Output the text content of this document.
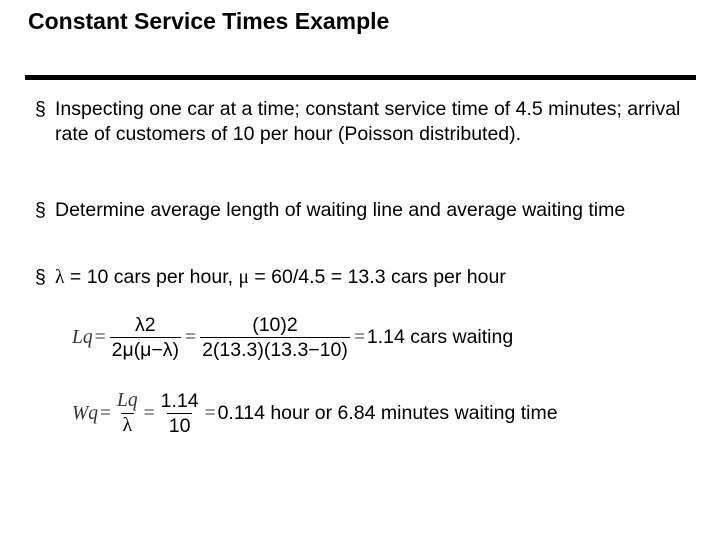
Constant Service Times Example
§ Inspecting one car at a time; constant service time of 4.5 minutes; arrival rate of customers of 10 per hour (Poisson distributed).
§ Determine average length of waiting line and average waiting time
§ λ = 10 cars per hour, μ = 60/4.5 = 13.3 cars per hour
$Lq = \frac{\lambda 2}{2\mu(\mu-\lambda)} = \frac{(10)2}{2(13.3)(13.3-10)} = 1.14$ cars waiting
$Wq = \frac{Lq}{\lambda} = \frac{1.14}{10} = 0.114$ hour or 6.84 minutes waiting time
